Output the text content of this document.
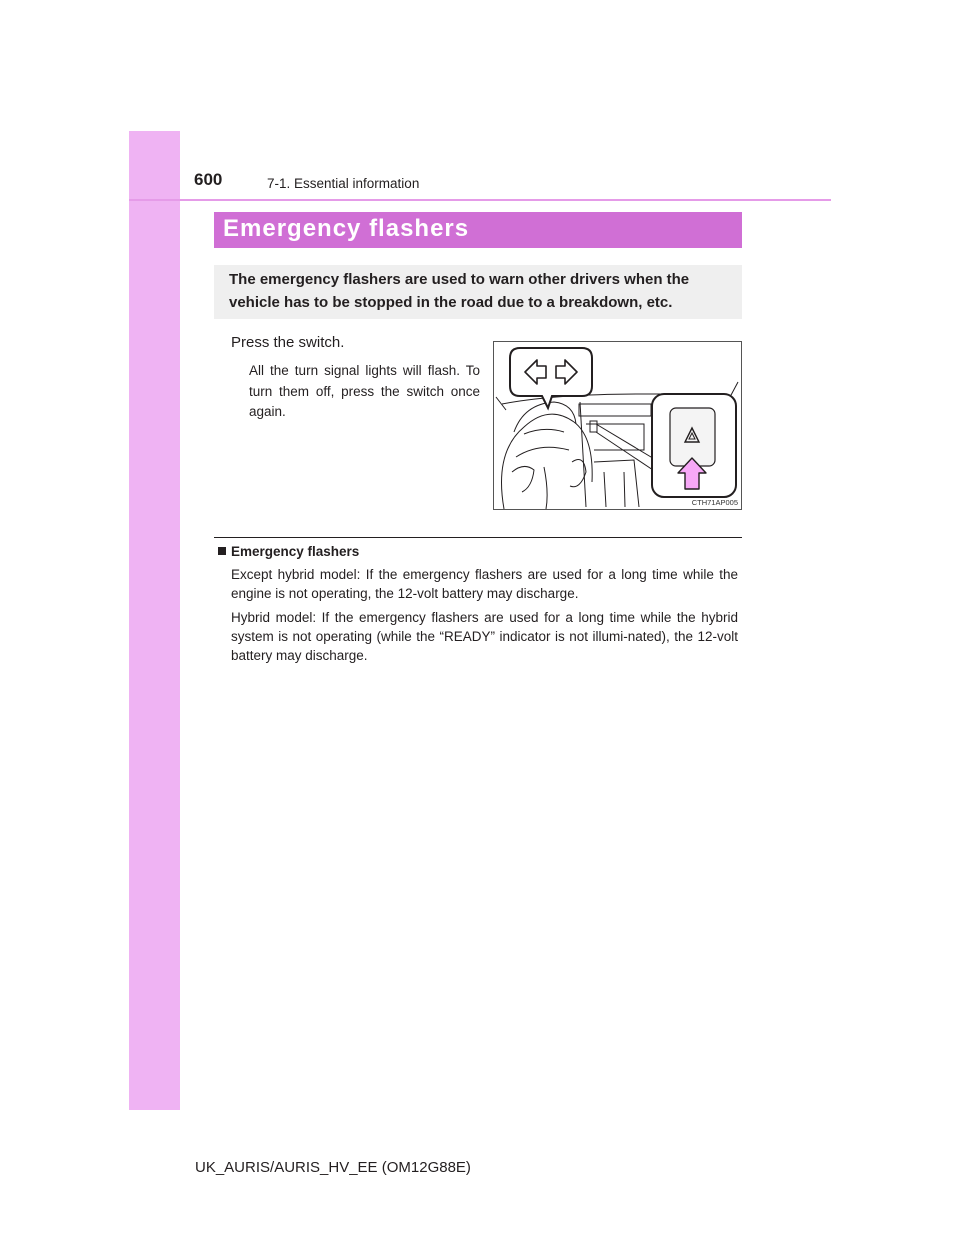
600	7-1. Essential information
Emergency flashers
The emergency flashers are used to warn other drivers when the vehicle has to be stopped in the road due to a breakdown, etc.
Press the switch.
All the turn signal lights will flash. To turn them off, press the switch once again.
CTH71AP005
Emergency flashers
Except hybrid model: If the emergency flashers are used for a long time while the engine is not operating, the 12-volt battery may discharge.
Hybrid model: If the emergency flashers are used for a long time while the hybrid system is not operating (while the “READY” indicator is not illumi-nated), the 12-volt battery may discharge.
UK_AURIS/AURIS_HV_EE (OM12G88E)
